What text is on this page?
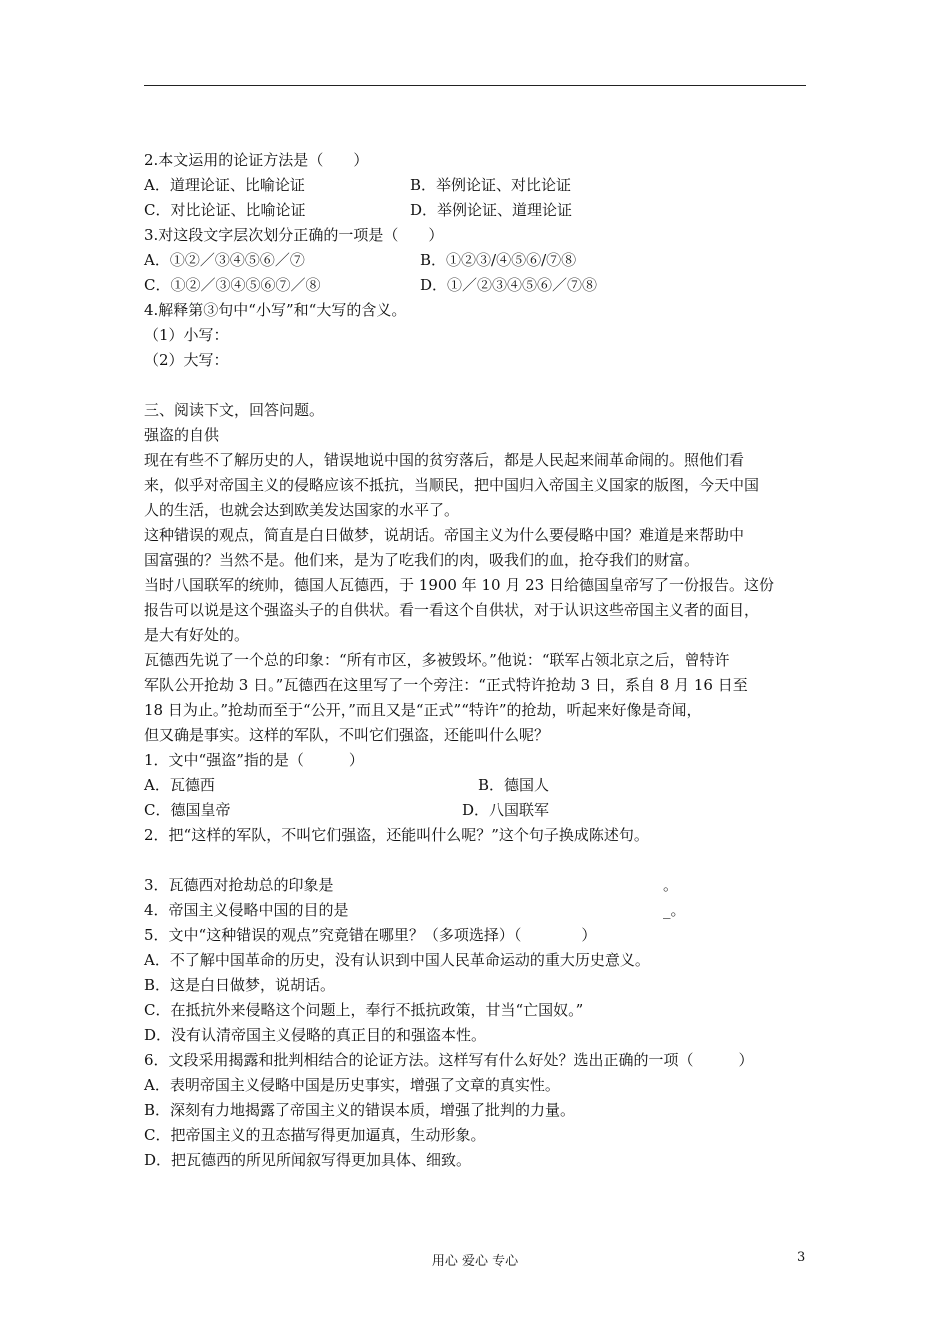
2.本文运用的论证方法是（　　）
A．道理论证、比喻论证	B．举例论证、对比论证
C．对比论证、比喻论证	D．举例论证、道理论证
3.对这段文字层次划分正确的一项是（　　）
A．①②／③④⑤⑥／⑦	B．①②③/④⑤⑥/⑦⑧
C．①②／③④⑤⑥⑦／⑧	D．①／②③④⑤⑥／⑦⑧
4.解释第③句中“小写”和“大写的含义。
（1）小写：
（2）大写：
三、阅读下文，回答问题。
强盗的自供
现在有些不了解历史的人，错误地说中国的贫穷落后，都是人民起来闹革命闹的。照他们看
来，似乎对帝国主义的侵略应该不抵抗，当顺民，把中国归入帝国主义国家的版图，今天中国
人的生活，也就会达到欧美发达国家的水平了。
这种错误的观点，简直是白日做梦，说胡话。帝国主义为什么要侵略中国？难道是来帮助中
国富强的？当然不是。他们来，是为了吃我们的肉，吸我们的血，抢夺我们的财富。
当时八国联军的统帅，德国人瓦德西，于 1900 年 10 月 23 日给德国皇帝写了一份报告。这份
报告可以说是这个强盗头子的自供状。看一看这个自供状，对于认识这些帝国主义者的面目，
是大有好处的。
瓦德西先说了一个总的印象：“所有市区，多被毁坏。”他说：“联军占领北京之后，曾特许
军队公开抢劫 3 日。”瓦德西在这里写了一个旁注：“正式特许抢劫 3 日，系自 8 月 16 日至
18 日为止。”抢劫而至于“公开，”而且又是“正式”“特许”的抢劫，听起来好像是奇闻，
但又确是事实。这样的军队，不叫它们强盗，还能叫什么呢？
1．文中“强盗”指的是（　　　）
A．瓦德西	B．德国人
C．德国皇帝	D．八国联军
2．把“这样的军队，不叫它们强盗，还能叫什么呢？”这个句子换成陈述句。
3．瓦德西对抢劫总的印象是	。
4．帝国主义侵略中国的目的是	_。
5．文中“这种错误的观点”究竟错在哪里？（多项选择）（　　　　）
A．不了解中国革命的历史，没有认识到中国人民革命运动的重大历史意义。
B．这是白日做梦，说胡话。
C．在抵抗外来侵略这个问题上，奉行不抵抗政策，甘当“亡国奴。”
D．没有认清帝国主义侵略的真正目的和强盗本性。
6．文段采用揭露和批判相结合的论证方法。这样写有什么好处？选出正确的一项（　　　）
A．表明帝国主义侵略中国是历史事实，增强了文章的真实性。
B．深刻有力地揭露了帝国主义的错误本质，增强了批判的力量。
C．把帝国主义的丑态描写得更加逼真，生动形象。
D．把瓦德西的所见所闻叙写得更加具体、细致。
用心 爱心 专心	3
